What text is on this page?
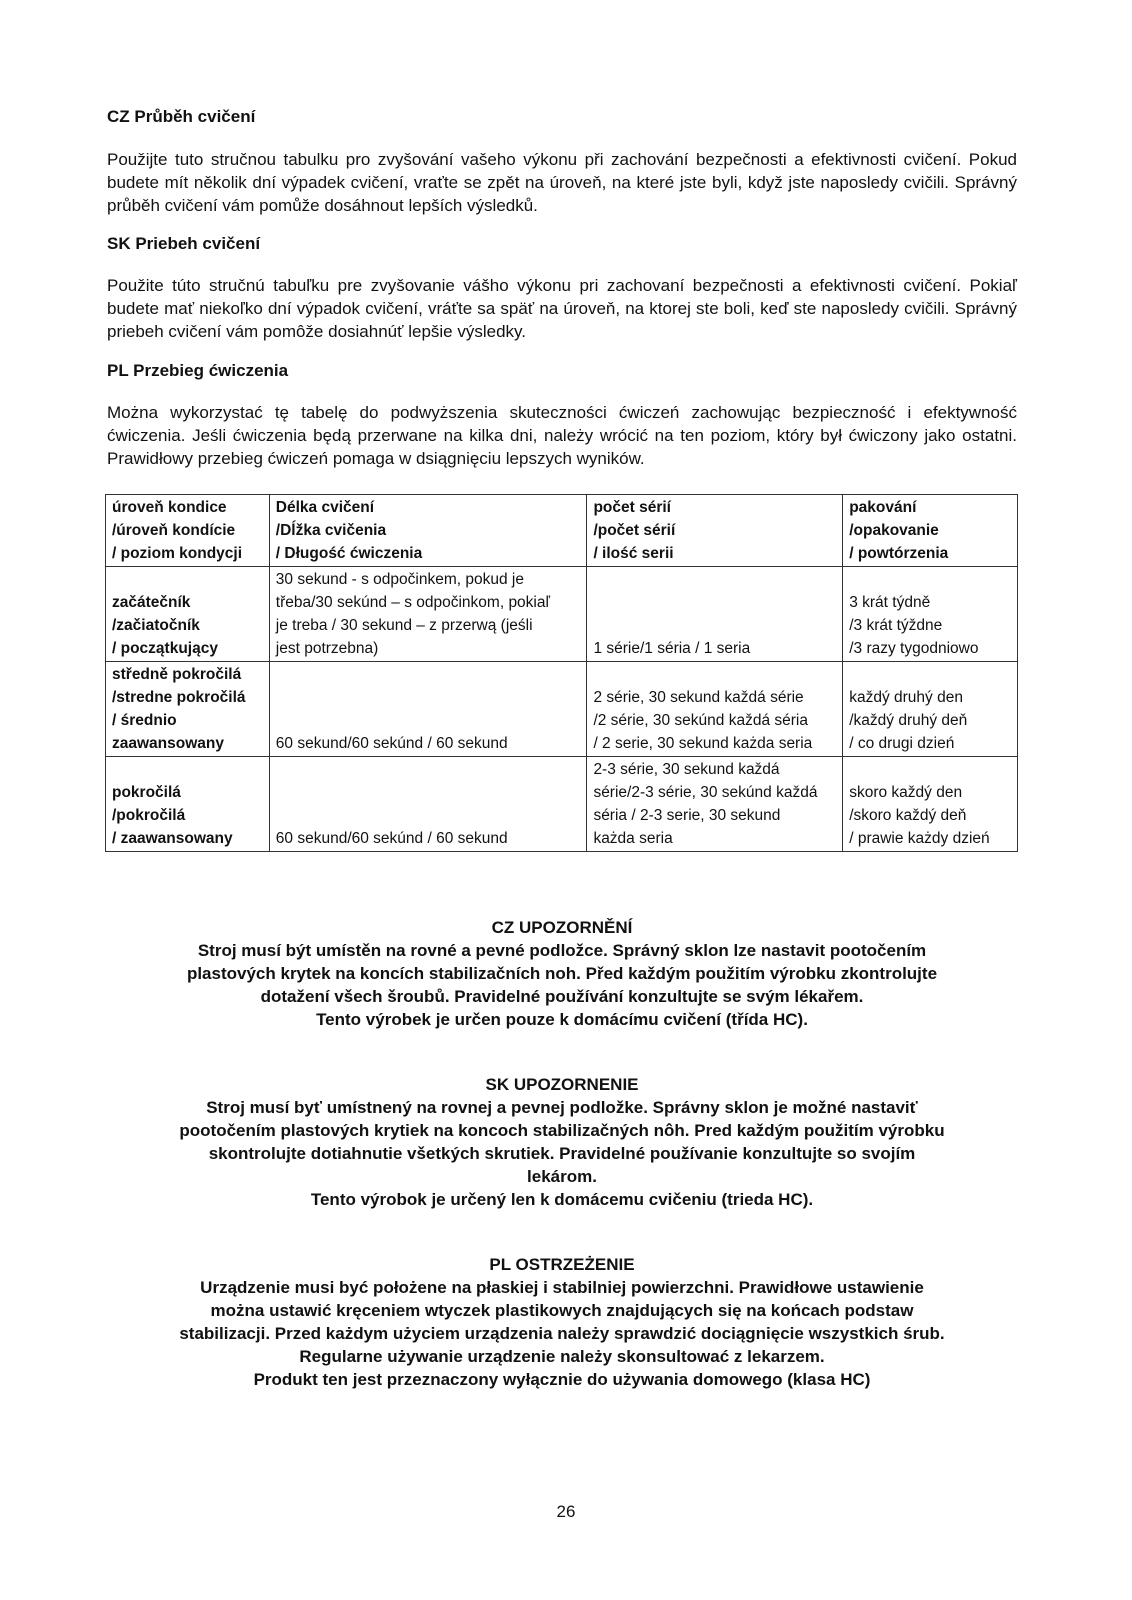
CZ Průběh cvičení
Použijte tuto stručnou tabulku pro zvyšování vašeho výkonu při zachování bezpečnosti a efektivnosti cvičení. Pokud budete mít několik dní výpadek cvičení, vraťte se zpět na úroveň, na které jste byli, když jste naposledy cvičili. Správný průběh cvičení vám pomůže dosáhnout lepších výsledků.
SK Priebeh cvičení
Použite túto stručnú tabuľku pre zvyšovanie vášho výkonu pri zachovaní bezpečnosti a efektivnosti cvičení. Pokiaľ budete mať niekoľko dní výpadok cvičení, vráťte sa späť na úroveň, na ktorej ste boli, keď ste naposledy cvičili. Správný priebeh cvičení vám pomôže dosiahnúť lepšie výsledky.
PL Przebieg ćwiczenia
Można wykorzystać tę tabelę do podwyższenia skuteczności ćwiczeń zachowując bezpieczność i efektywność ćwiczenia. Jeśli ćwiczenia będą przerwane na kilka dni, należy wrócić na ten poziom, który był ćwiczony jako ostatni. Prawidłowy przebieg ćwiczeń pomaga w dsiągnięciu lepszych wyników.
úroveň kondice
/úroveň kondície
/ poziom kondycji	Délka cvičení
/Dĺžka cvičenia
/ Długość ćwiczenia	počet sérií
/počet sérií
/ ilość serii	pakování
/opakovanie
/ powtórzenia

začátečník
/začiatočník
/ początkujący	30 sekund - s odpočinkem, pokud je
třeba/30 sekúnd – s odpočinkom, pokiaľ
je treba / 30 sekund – z przerwą (jeśli
jest potrzebna)	1 série/1 séria / 1 seria	3 krát týdně
/3 krát týždne
/3 razy tygodniowo

středně pokročilá
/stredne pokročilá
/ średnio
zaawansowany	60 sekund/60 sekúnd / 60 sekund	2 série, 30 sekund každá série
/2 série, 30 sekúnd každá séria
/ 2 serie, 30 sekund każda seria	každý druhý den
/každý druhý deň
/ co drugi dzień

pokročilá
/pokročilá
/ zaawansowany	60 sekund/60 sekúnd / 60 sekund	2-3 série, 30 sekund každá
série/2-3 série, 30 sekúnd každá
séria / 2-3 serie, 30 sekund
każda seria	skoro každý den
/skoro každý deň
/ prawie każdy dzień
CZ UPOZORNĚNÍ
Stroj musí být umístěn na rovné a pevné podložce. Správný sklon lze nastavit pootočením
plastových krytek na koncích stabilizačních noh. Před každým použitím výrobku zkontrolujte
dotažení všech šroubů. Pravidelné používání konzultujte se svým lékařem.
Tento výrobek je určen pouze k domácímu cvičení (třída HC).
SK UPOZORNENIE
Stroj musí byť umístnený na rovnej a pevnej podložke. Správny sklon je možné nastaviť
pootočením plastových krytiek na koncoch stabilizačných nôh. Pred každým použitím výrobku
skontrolujte dotiahnutie všetkých skrutiek. Pravidelné používanie konzultujte so svojím
lekárom.
Tento výrobok je určený len k domácemu cvičeniu (trieda HC).
PL OSTRZEŻENIE
Urządzenie musi być położene na płaskiej i stabilniej powierzchni. Prawidłowe ustawienie
można ustawić kręceniem wtyczek plastikowych znajdujących się na końcach podstaw
stabilizacji. Przed każdym użyciem urządzenia należy sprawdzić dociągnięcie wszystkich śrub.
Regularne używanie urządzenie należy skonsultować z lekarzem.
Produkt ten jest przeznaczony wyłącznie do używania domowego (klasa HC)
26
